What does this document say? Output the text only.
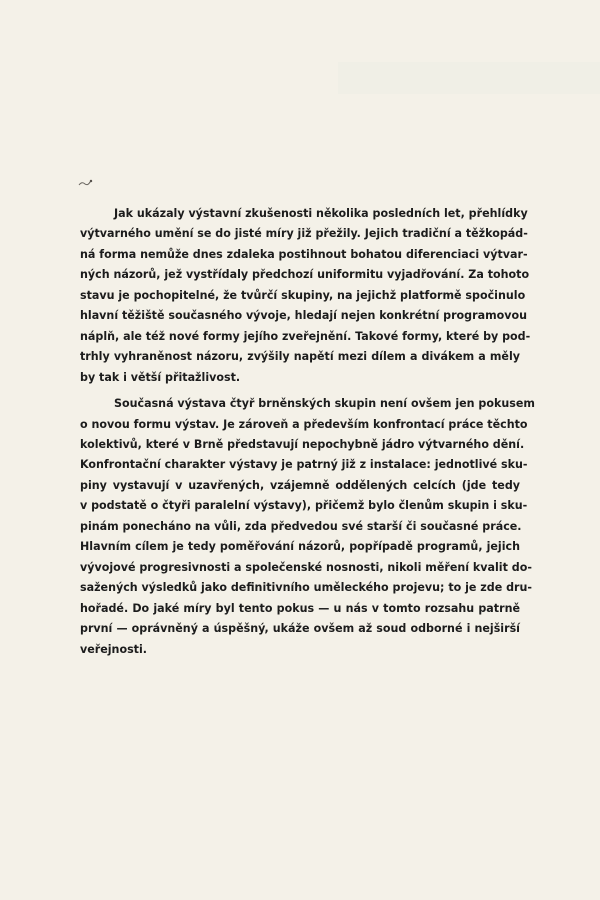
Jak ukázaly výstavní zkušenosti několika posledních let, přehlídky
výtvarného umění se do jisté míry již přežily. Jejich tradiční a těžkopád-
ná forma nemůže dnes zdaleka postihnout bohatou diferenciaci výtvar-
ných názorů, jež vystřídaly předchozí uniformitu vyjadřování. Za tohoto
stavu je pochopitelné, že tvůrčí skupiny, na jejichž platformě spočinulo
hlavní těžiště současného vývoje, hledají nejen konkrétní programovou
náplň, ale též nové formy jejího zveřejnění. Takové formy, které by pod-
trhly vyhraněnost názoru, zvýšily napětí mezi dílem a divákem a měly
by tak i větší přitažlivost.
Současná výstava čtyř brněnských skupin není ovšem jen pokusem
o novou formu výstav. Je zároveň a především konfrontací práce těchto
kolektivů, které v Brně představují nepochybně jádro výtvarného dění.
Konfrontační charakter výstavy je patrný již z instalace: jednotlivé sku-
piny vystavují v uzavřených, vzájemně oddělených celcích (jde tedy
v podstatě o čtyři paralelní výstavy), přičemž bylo členům skupin i sku-
pinám ponecháno na vůli, zda předvedou své starší či současné práce.
Hlavním cílem je tedy poměřování názorů, popřípadě programů, jejich
vývojové progresivnosti a společenské nosnosti, nikoli měření kvalit do-
sažených výsledků jako definitivního uměleckého projevu; to je zde dru-
hořadé. Do jaké míry byl tento pokus — u nás v tomto rozsahu patrně
první — oprávněný a úspěšný, ukáže ovšem až soud odborné i nejširší
veřejnosti.
